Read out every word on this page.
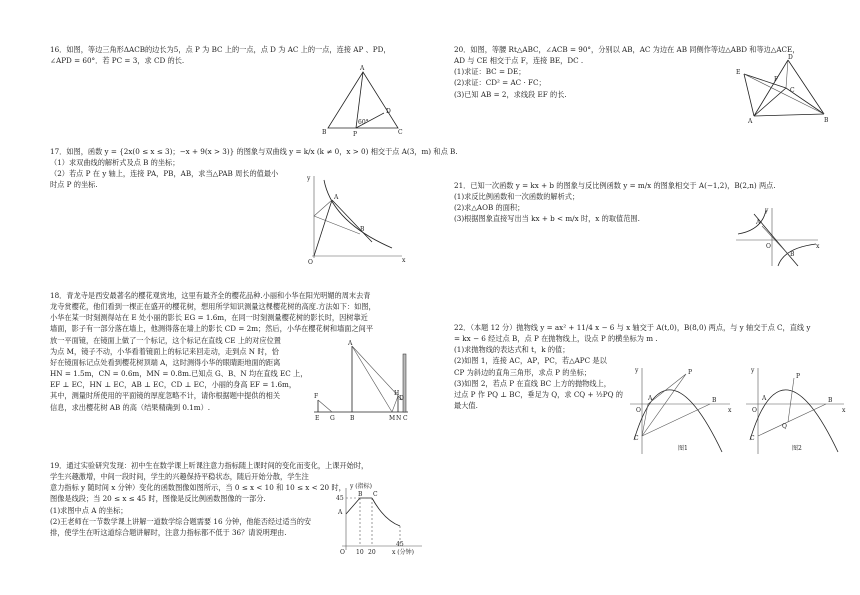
16．如图，等边三角形ΔACB的边长为5，点 P 为 BC 上的一点，点 D 为 AC 上的一点，连接 AP 、PD，

∠APD = 60°．若 PC = 3，求 CD 的长.

A
B	C
D
P
60°

17．如图，函数 y = {2x(0 ≤ x ≤ 3)；−x + 9(x > 3)} 的图象与双曲线 y = k/x (k ≠ 0，x > 0) 相交于点 A(3，m) 和点 B.

（1）求双曲线的解析式及点 B 的坐标；

（2）若点 P 在 y 轴上，连接 PA，PB，AB，求当△PAB 周长的值最小

时点 P 的坐标.

y
x
O
A
B

18．青龙寺是西安最著名的樱花观赏地，这里有最齐全的樱花品种.小丽和小华在阳光明媚的周末去青

龙寺赏樱花，他们看到一棵正在盛开的樱花树，想用所学知识测量这棵樱花树的高度.方法如下：如图，

小华在某一时刻测得站在 E 处小丽的影长 EG = 1.6m，在同一时刻测量樱花树的影长时，因树靠近

墙面，影子有一部分落在墙上，他测得落在墙上的影长 CD = 2m；然后，小华在樱花树和墙面之间平

放一平面镜，在镜面上做了一个标记，这个标记在直线 CE 上的对应位置

为点 M，镜子不动，小华看着镜面上的标记来回走动，走到点 N 时，恰

好在镜面标记点处看到樱花树顶端 A，这时测得小华的眼睛距地面的距离

HN = 1.5m，CN = 0.6m，MN = 0.8m.已知点 G、B、N 均在直线 EC 上，

EF ⊥ EC，HN ⊥ EC，AB ⊥ EC，CD ⊥ EC，小丽的身高 EF = 1.6m，

其中，测量时所使用的平面镜的厚度忽略不计，请你根据题中提供的相关

信息，求出樱花树 AB 的高（结果精确到 0.1m）.

A
F
E G	B
H
D
M N C

19．通过实验研究发现：初中生在数学课上听课注意力指标随上课时间的变化而变化，上课开始时，

学生兴趣激增，中间一段时间，学生的兴趣保持平稳状态，随后开始分散，学生注

意力指标 y 随时间 x 分钟）变化的函数图像如图所示，当 0 ≤ x < 10 和 10 ≤ x < 20 时，

图像是线段；当 20 ≤ x ≤ 45 时，图像是反比例函数图像的一部分.

(1)求图中点 A 的坐标；

(2)王老师在一节数学课上讲解一道数学综合题需要 16 分钟，他能否经过适当的安

排，使学生在听这道综合题讲解时，注意力指标都不低于 36？请说明理由.

y (指标)
x (分钟)
O
A
B C
45
10 20
45

20．如图，等腰 Rt△ABC，∠ACB = 90°，分别以 AB，AC 为边在 AB 同侧作等边△ABD 和等边△ACE，

AD 与 CE 相交于点 F，连接 BE，DC .

(1)求证：BC = DE；

(2)求证：CD² = AC · FC；

(3)已知 AB = 2，求线段 EF 的长.

D
E
F
C
A	B

21．已知一次函数 y = kx + b 的图象与反比例函数 y = m/x 的图象相交于 A(−1,2)，B(2,n) 两点.

(1)求反比例函数和一次函数的解析式；

(2)求△AOB 的面积；

(3)根据图象直接写出当 kx + b < m/x 时，x 的取值范围.

y
x
O
A
B

22．（本题 12 分）抛物线 y = ax² + 11/4 x − 6 与 x 轴交于 A(t,0)，B(8,0) 两点，与 y 轴交于点 C，直线 y

= kx − 6 经过点 B，点 P 在抛物线上，设点 P 的横坐标为 m .

(1)求抛物线的表达式和 t，k 的值；

(2)如图 1，连接 AC，AP，PC，若△APC 是以

CP 为斜边的直角三角形，求点 P 的坐标；

(3)如图 2，若点 P 在直线 BC 上方的抛物线上，

过点 P 作 PQ ⊥ BC，垂足为 Q，求 CQ + ½PQ 的

最大值.

y
x
O
A	B
C
P
图1
y
x
O
A	B
C
P
Q
图2
